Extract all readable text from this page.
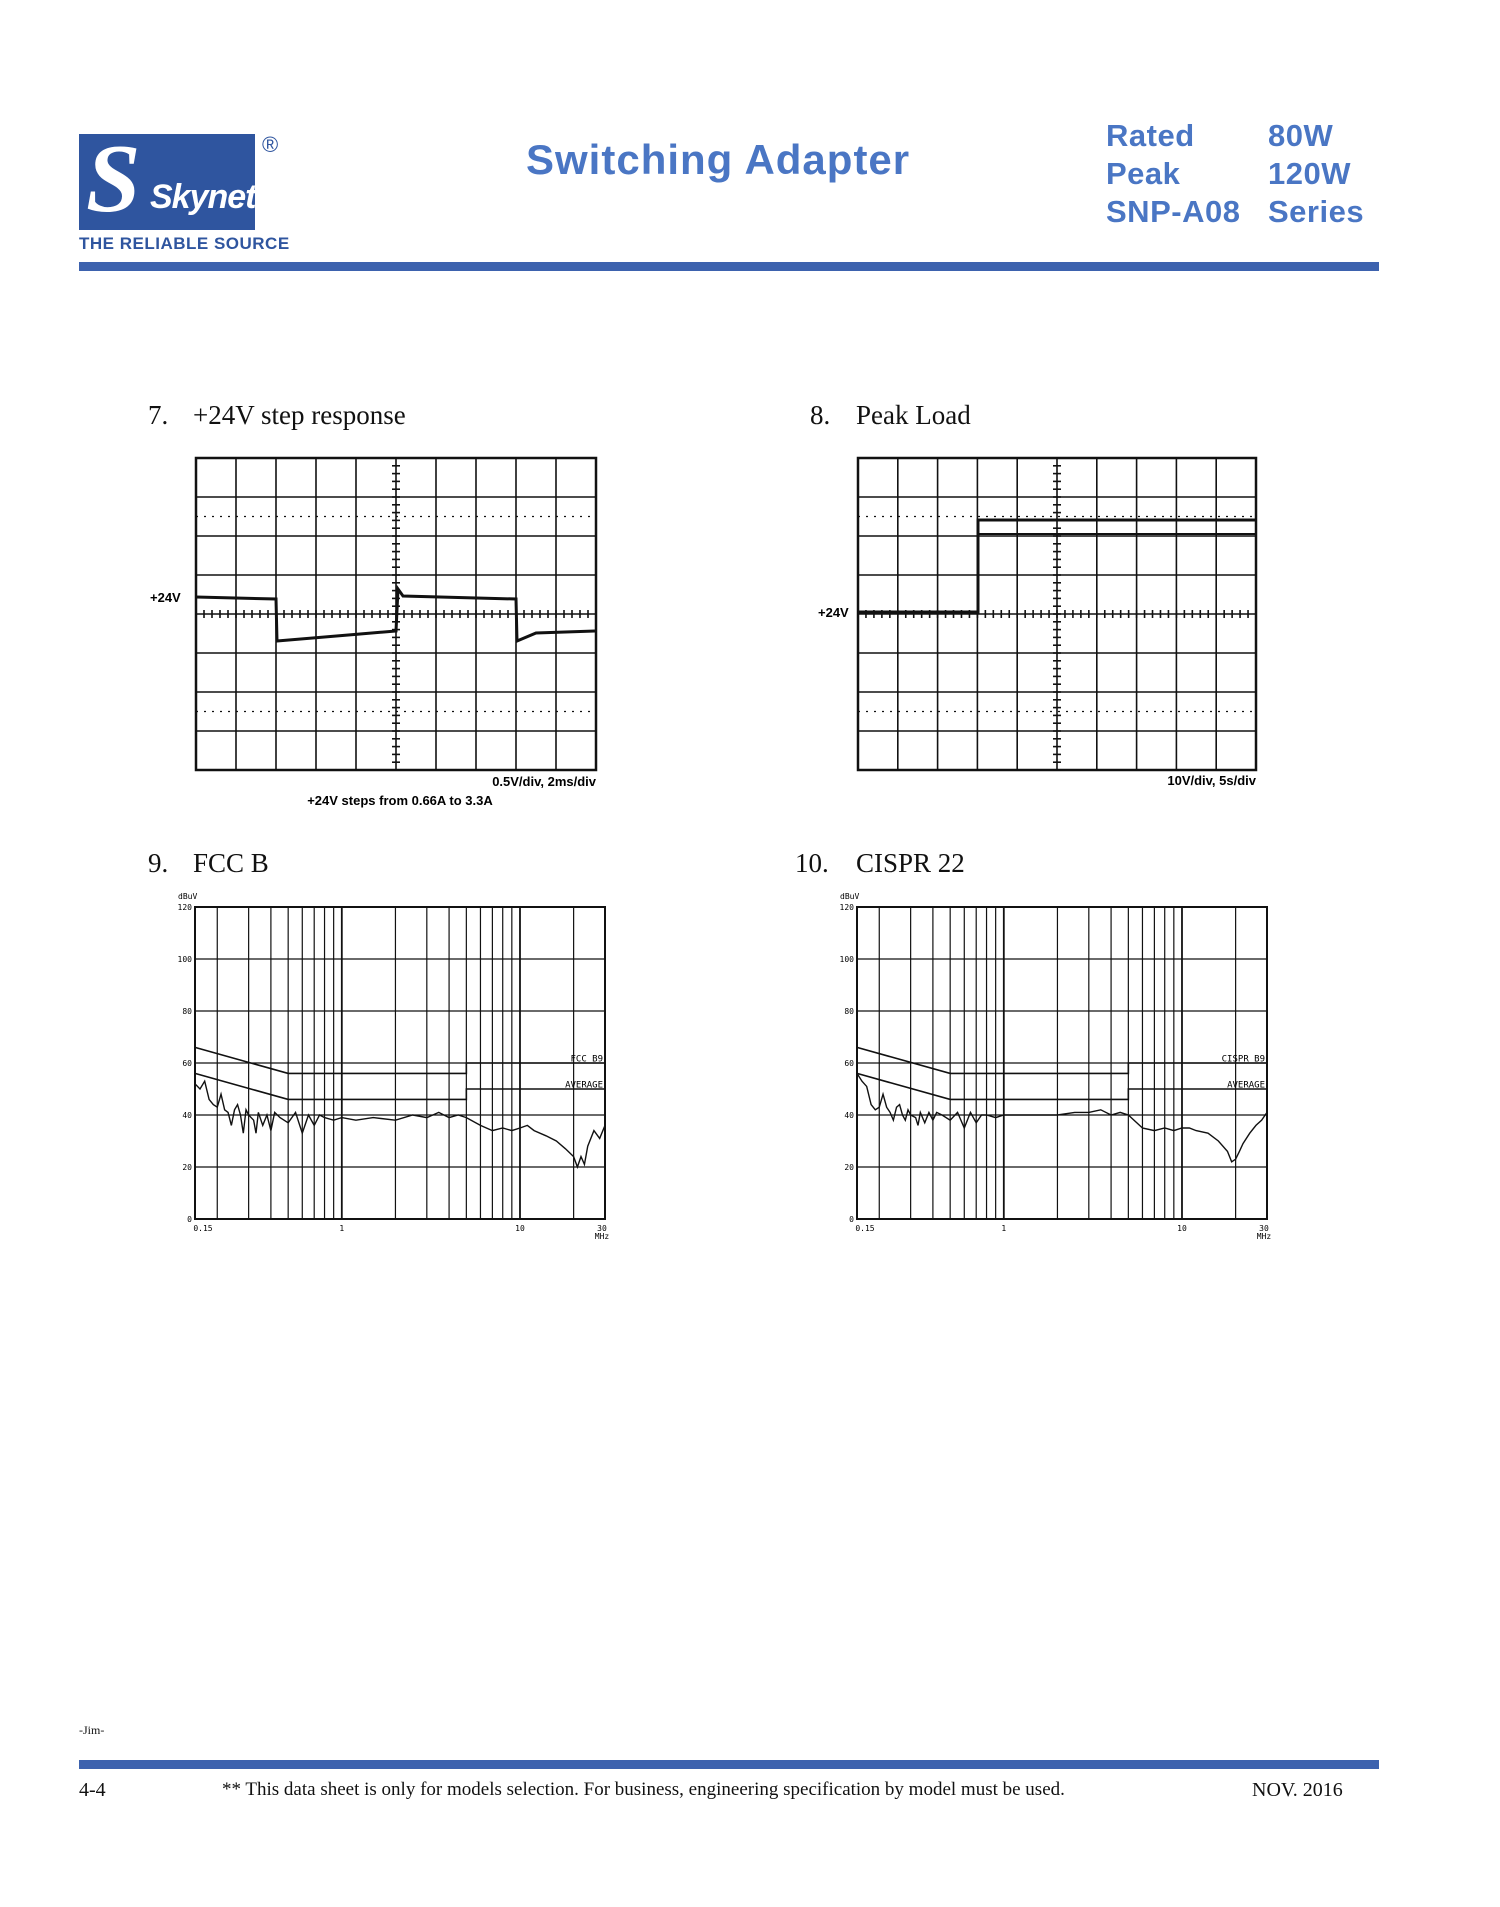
S Skynet
®
THE RELIABLE SOURCE
Switching Adapter
Rated 80W
Peak	120W
SNP-A08 Series
7. +24V step response
+24V
0.5V/div, 2ms/div
+24V steps from 0.66A to 3.3A
8. Peak Load
+24V
10V/div, 5s/div
9. FCC B
FCC B9
AVERAGE
dBuV
120
100
80
60
40
20
0
0.15	1	10	30
MHz
10. CISPR 22
CISPR B9
AVERAGE
dBuV
120
100
80
60
40
20
0
0.15	1	10	30
MHz
-Jim-
4-4	** This data sheet is only for models selection. For business, engineering specification by model must be used.	NOV. 2016
